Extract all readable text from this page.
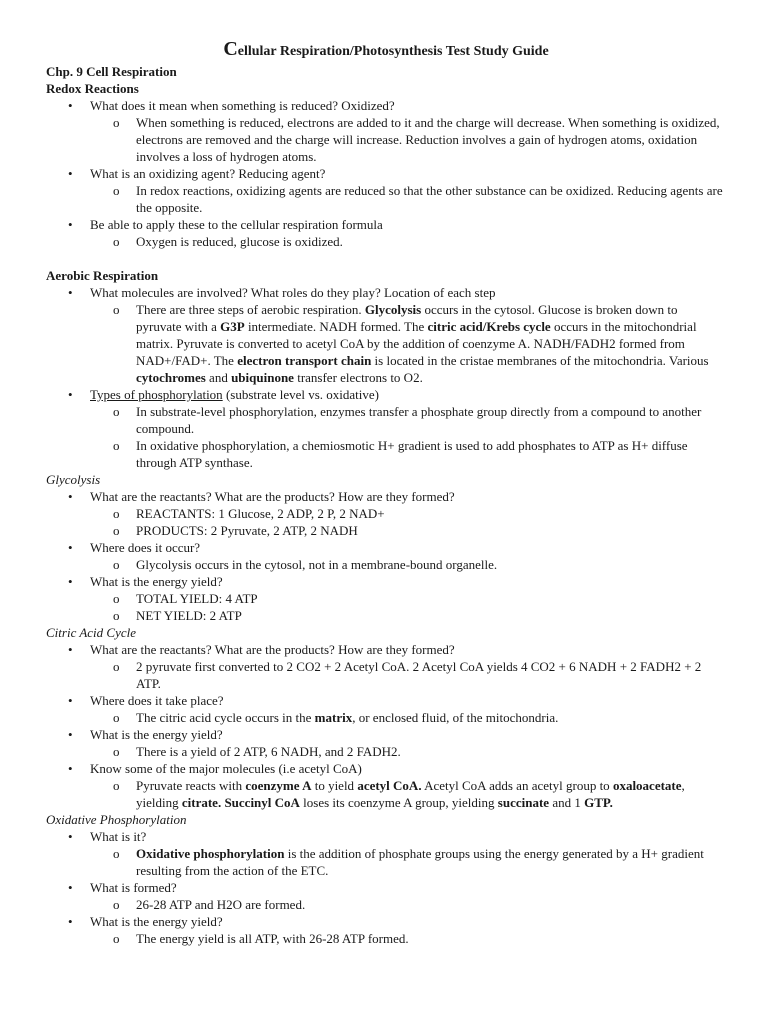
Cellular Respiration/Photosynthesis Test Study Guide
Chp. 9 Cell Respiration
Redox Reactions
• What does it mean when something is reduced? Oxidized?
o When something is reduced, electrons are added to it and the charge will decrease. When something is oxidized, electrons are removed and the charge will increase. Reduction involves a gain of hydrogen atoms, oxidation involves a loss of hydrogen atoms.
• What is an oxidizing agent? Reducing agent?
o In redox reactions, oxidizing agents are reduced so that the other substance can be oxidized. Reducing agents are the opposite.
• Be able to apply these to the cellular respiration formula
o Oxygen is reduced, glucose is oxidized.
Aerobic Respiration
• What molecules are involved? What roles do they play? Location of each step
o There are three steps of aerobic respiration. Glycolysis occurs in the cytosol. Glucose is broken down to pyruvate with a G3P intermediate. NADH formed. The citric acid/Krebs cycle occurs in the mitochondrial matrix. Pyruvate is converted to acetyl CoA by the addition of coenzyme A. NADH/FADH2 formed from NAD+/FAD+. The electron transport chain is located in the cristae membranes of the mitochondria. Various cytochromes and ubiquinone transfer electrons to O2.
• Types of phosphorylation (substrate level vs. oxidative)
o In substrate-level phosphorylation, enzymes transfer a phosphate group directly from a compound to another compound.
o In oxidative phosphorylation, a chemiosmotic H+ gradient is used to add phosphates to ATP as H+ diffuse through ATP synthase.
Glycolysis
• What are the reactants? What are the products? How are they formed?
o REACTANTS: 1 Glucose, 2 ADP, 2 P, 2 NAD+
o PRODUCTS: 2 Pyruvate, 2 ATP, 2 NADH
• Where does it occur?
o Glycolysis occurs in the cytosol, not in a membrane-bound organelle.
• What is the energy yield?
o TOTAL YIELD: 4 ATP
o NET YIELD: 2 ATP
Citric Acid Cycle
• What are the reactants? What are the products? How are they formed?
o 2 pyruvate first converted to 2 CO2 + 2 Acetyl CoA. 2 Acetyl CoA yields 4 CO2 + 6 NADH + 2 FADH2 + 2 ATP.
• Where does it take place?
o The citric acid cycle occurs in the matrix, or enclosed fluid, of the mitochondria.
• What is the energy yield?
o There is a yield of 2 ATP, 6 NADH, and 2 FADH2.
• Know some of the major molecules (i.e acetyl CoA)
o Pyruvate reacts with coenzyme A to yield acetyl CoA. Acetyl CoA adds an acetyl group to oxaloacetate, yielding citrate. Succinyl CoA loses its coenzyme A group, yielding succinate and 1 GTP.
Oxidative Phosphorylation
• What is it?
o Oxidative phosphorylation is the addition of phosphate groups using the energy generated by a H+ gradient resulting from the action of the ETC.
• What is formed?
o 26-28 ATP and H2O are formed.
• What is the energy yield?
o The energy yield is all ATP, with 26-28 ATP formed.
